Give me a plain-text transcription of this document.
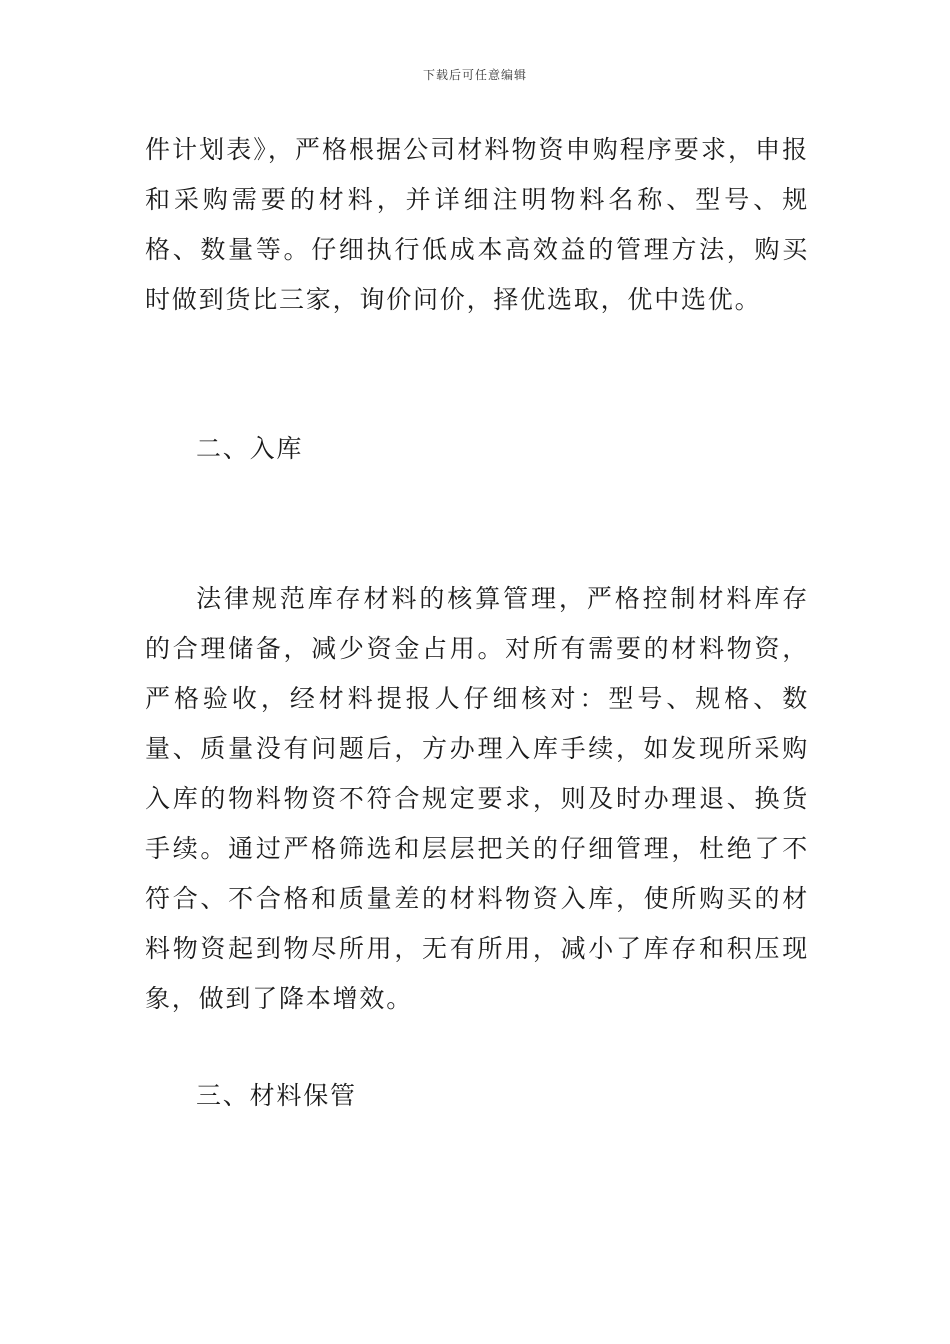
下载后可任意编辑

件计划表》，严格根据公司材料物资申购程序要求，申报和采购需要的材料，并详细注明物料名称、型号、规格、数量等。仔细执行低成本高效益的管理方法，购买时做到货比三家，询价问价，择优选取，优中选优。

二、入库

法律规范库存材料的核算管理，严格控制材料库存的合理储备，减少资金占用。对所有需要的材料物资，严格验收，经材料提报人仔细核对：型号、规格、数量、质量没有问题后，方办理入库手续，如发现所采购入库的物料物资不符合规定要求，则及时办理退、换货手续。通过严格筛选和层层把关的仔细管理，杜绝了不符合、不合格和质量差的材料物资入库，使所购买的材料物资起到物尽所用，无有所用，减小了库存和积压现象，做到了降本增效。

三、材料保管
